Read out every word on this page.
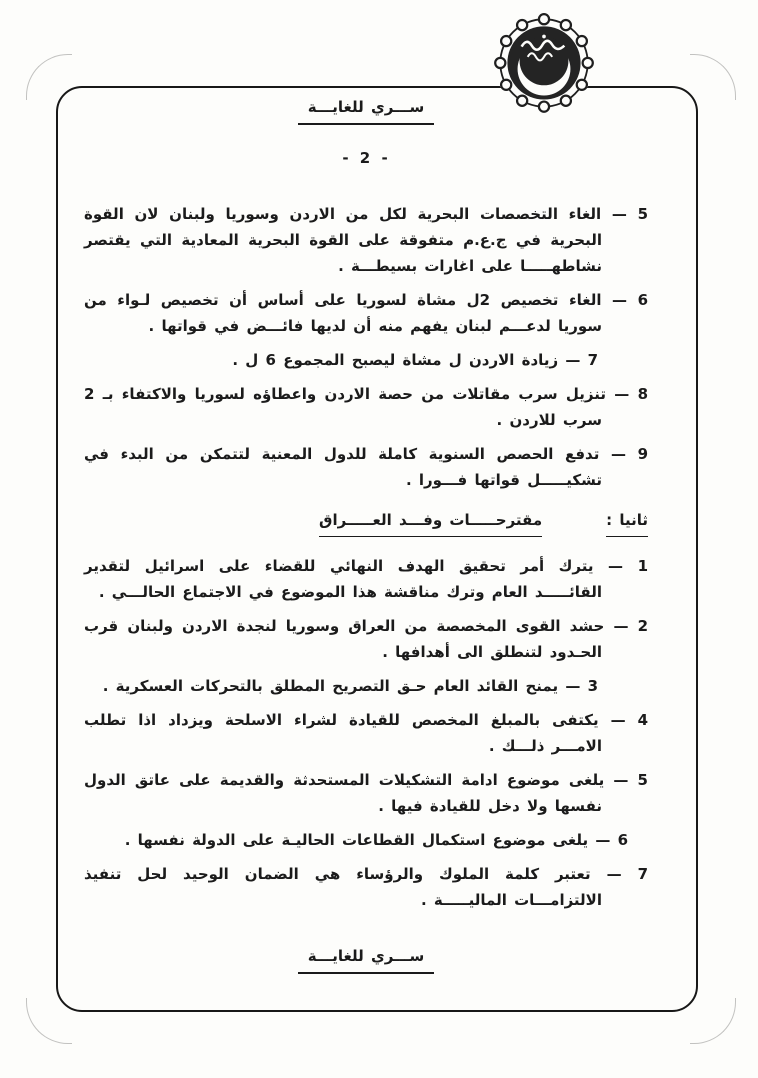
ســـري للغايـــة
- 2 -
5 — الغاء التخصصات البحرية لكل من الاردن وسوريا ولبنان لان القوة البحرية في ج.ع.م متفوقة على القوة البحرية المعادية التي يقتصر نشاطهـــــا على اغارات بسيطـــة .
6 — الغاء تخصيص 2ل مشاة لسوريا على أساس أن تخصيص لـواء من سوريا لدعـــم لبنان يفهم منه أن لديها فائـــض في قواتها .
7 — زيادة الاردن ل مشاة ليصبح المجموع 6 ل .
8 — تنزيل سرب مقاتلات من حصة الاردن واعطاؤه لسوريا والاكتفاء بـ 2 سرب للاردن .
9 — تدفع الحصص السنوية كاملة للدول المعنية لتتمكن من البدء في تشكيـــــل قواتها فـــورا .
ثانيا :
مقترحـــــات وفـــد العـــــراق
1 — يترك أمر تحقيق الهدف النهائي للقضاء على اسرائيل لتقدير القائـــــد العام وترك مناقشة هذا الموضوع في الاجتماع الحالـــي .
2 — حشد القوى المخصصة من العراق وسوريا لنجدة الاردن ولبنان قرب الحـدود لتنطلق الى أهدافها .
3 — يمنح القائد العام حـق التصريح المطلق بالتحركات العسكرية .
4 — يكتفى بالمبلغ المخصص للقيادة لشراء الاسلحة ويزداد اذا تطلب الامـــر ذلـــك .
5 — يلغى موضوع ادامة التشكيلات المستحدثة والقديمة على عاتق الدول نفسها ولا دخل للقيادة فيها .
6 — يلغى موضوع استكمال القطاعات الحاليـة على الدولة نفسها .
7 — تعتبر كلمة الملوك والرؤساء هي الضمان الوحيد لحل تنفيذ الالتزامـــات الماليـــــة .
ســـري للغايـــة
